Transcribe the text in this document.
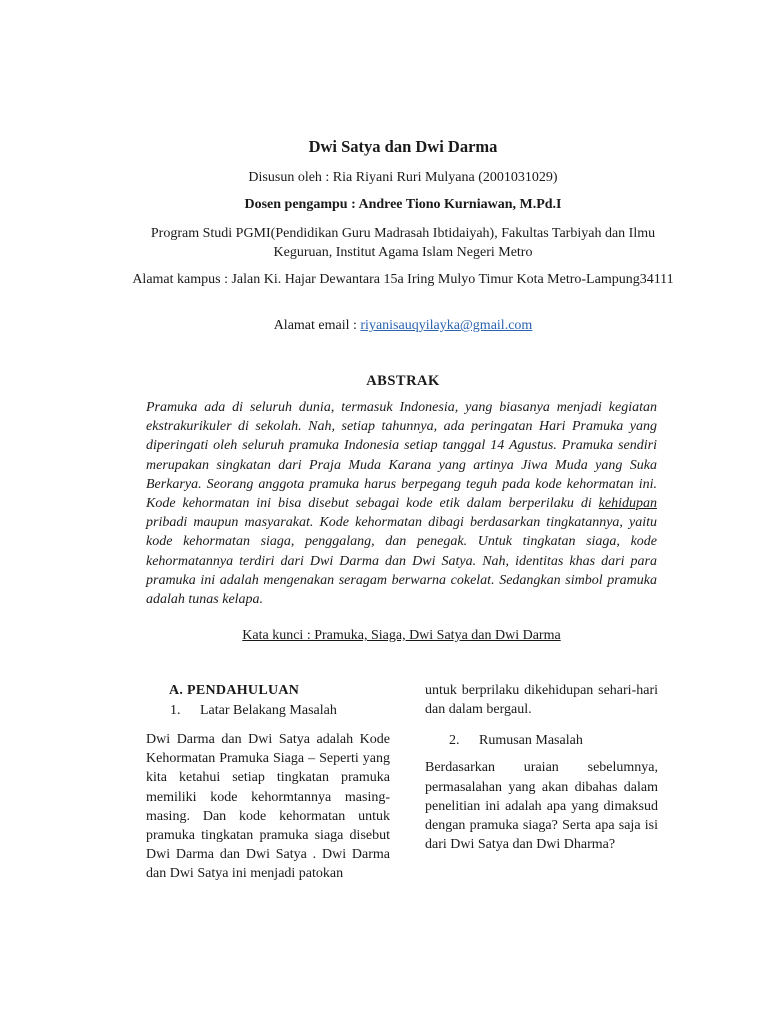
Dwi Satya dan Dwi Darma
Disusun oleh : Ria Riyani Ruri Mulyana (2001031029)
Dosen pengampu : Andree Tiono Kurniawan, M.Pd.I
Program Studi PGMI(Pendidikan Guru Madrasah Ibtidaiyah), Fakultas Tarbiyah dan Ilmu Keguruan, Institut Agama Islam Negeri Metro
Alamat kampus : Jalan Ki. Hajar Dewantara 15a Iring Mulyo Timur Kota Metro-Lampung34111
Alamat email : riyanisauqyilayka@gmail.com
ABSTRAK
Pramuka ada di seluruh dunia, termasuk Indonesia, yang biasanya menjadi kegiatan ekstrakurikuler di sekolah. Nah, setiap tahunnya, ada peringatan Hari Pramuka yang diperingati oleh seluruh pramuka Indonesia setiap tanggal 14 Agustus. Pramuka sendiri merupakan singkatan dari Praja Muda Karana yang artinya Jiwa Muda yang Suka Berkarya. Seorang anggota pramuka harus berpegang teguh pada kode kehormatan ini. Kode kehormatan ini bisa disebut sebagai kode etik dalam berperilaku di kehidupan pribadi maupun masyarakat. Kode kehormatan dibagi berdasarkan tingkatannya, yaitu kode kehormatan siaga, penggalang, dan penegak. Untuk tingkatan siaga, kode kehormatannya terdiri dari Dwi Darma dan Dwi Satya. Nah, identitas khas dari para pramuka ini adalah mengenakan seragam berwarna cokelat. Sedangkan simbol pramuka adalah tunas kelapa.
Kata kunci : Pramuka, Siaga, Dwi Satya dan Dwi Darma
A. PENDAHULUAN
1.	Latar Belakang Masalah
Dwi Darma dan Dwi Satya adalah Kode Kehormatan Pramuka Siaga – Seperti yang kita ketahui setiap tingkatan pramuka memiliki kode kehormtannya masing-masing. Dan kode kehormatan untuk pramuka tingkatan pramuka siaga disebut Dwi Darma dan Dwi Satya . Dwi Darma dan Dwi Satya ini menjadi patokan
untuk berprilaku dikehidupan sehari-hari dan dalam bergaul.
2.	Rumusan Masalah
Berdasarkan uraian sebelumnya, permasalahan yang akan dibahas dalam penelitian ini adalah apa yang dimaksud dengan pramuka siaga? Serta apa saja isi dari Dwi Satya dan Dwi Dharma?
